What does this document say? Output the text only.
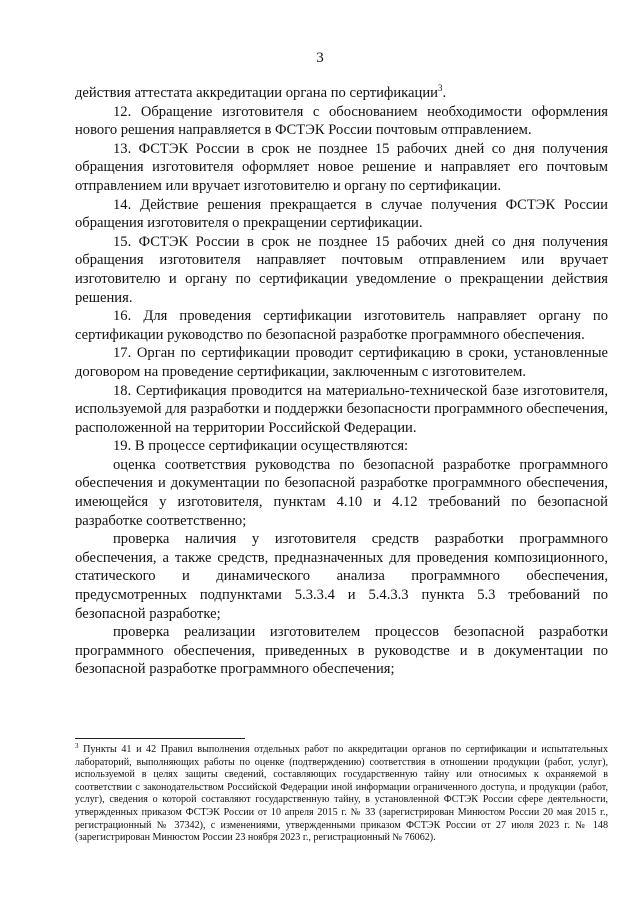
3

действия аттестата аккредитации органа по сертификации$^3$.

12. Обращение изготовителя с обоснованием необходимости оформления нового решения направляется в ФСТЭК России почтовым отправлением.

13. ФСТЭК России в срок не позднее 15 рабочих дней со дня получения обращения изготовителя оформляет новое решение и направляет его почтовым отправлением или вручает изготовителю и органу по сертификации.

14. Действие решения прекращается в случае получения ФСТЭК России обращения изготовителя о прекращении сертификации.

15. ФСТЭК России в срок не позднее 15 рабочих дней со дня получения обращения изготовителя направляет почтовым отправлением или вручает изготовителю и органу по сертификации уведомление о прекращении действия решения.

16. Для проведения сертификации изготовитель направляет органу по сертификации руководство по безопасной разработке программного обеспечения.

17. Орган по сертификации проводит сертификацию в сроки, установленные договором на проведение сертификации, заключенным с изготовителем.

18. Сертификация проводится на материально-технической базе изготовителя, используемой для разработки и поддержки безопасности программного обеспечения, расположенной на территории Российской Федерации.

19. В процессе сертификации осуществляются:

оценка соответствия руководства по безопасной разработке программного обеспечения и документации по безопасной разработке программного обеспечения, имеющейся у изготовителя, пунктам 4.10 и 4.12 требований по безопасной разработке соответственно;

проверка наличия у изготовителя средств разработки программного обеспечения, а также средств, предназначенных для проведения композиционного, статического и динамического анализа программного обеспечения, предусмотренных подпунктами 5.3.3.4 и 5.4.3.3 пункта 5.3 требований по безопасной разработке;

проверка реализации изготовителем процессов безопасной разработки программного обеспечения, приведенных в руководстве и в документации по безопасной разработке программного обеспечения;

$^3$ Пункты 41 и 42 Правил выполнения отдельных работ по аккредитации органов по сертификации и испытательных лабораторий, выполняющих работы по оценке (подтверждению) соответствия в отношении продукции (работ, услуг), используемой в целях защиты сведений, составляющих государственную тайну или относимых к охраняемой в соответствии с законодательством Российской Федерации иной информации ограниченного доступа, и продукции (работ, услуг), сведения о которой составляют государственную тайну, в установленной ФСТЭК России сфере деятельности, утвержденных приказом ФСТЭК России от 10 апреля 2015 г. № 33 (зарегистрирован Минюстом России 20 мая 2015 г., регистрационный № 37342), с изменениями, утвержденными приказом ФСТЭК России от 27 июля 2023 г. № 148 (зарегистрирован Минюстом России 23 ноября 2023 г., регистрационный № 76062).
